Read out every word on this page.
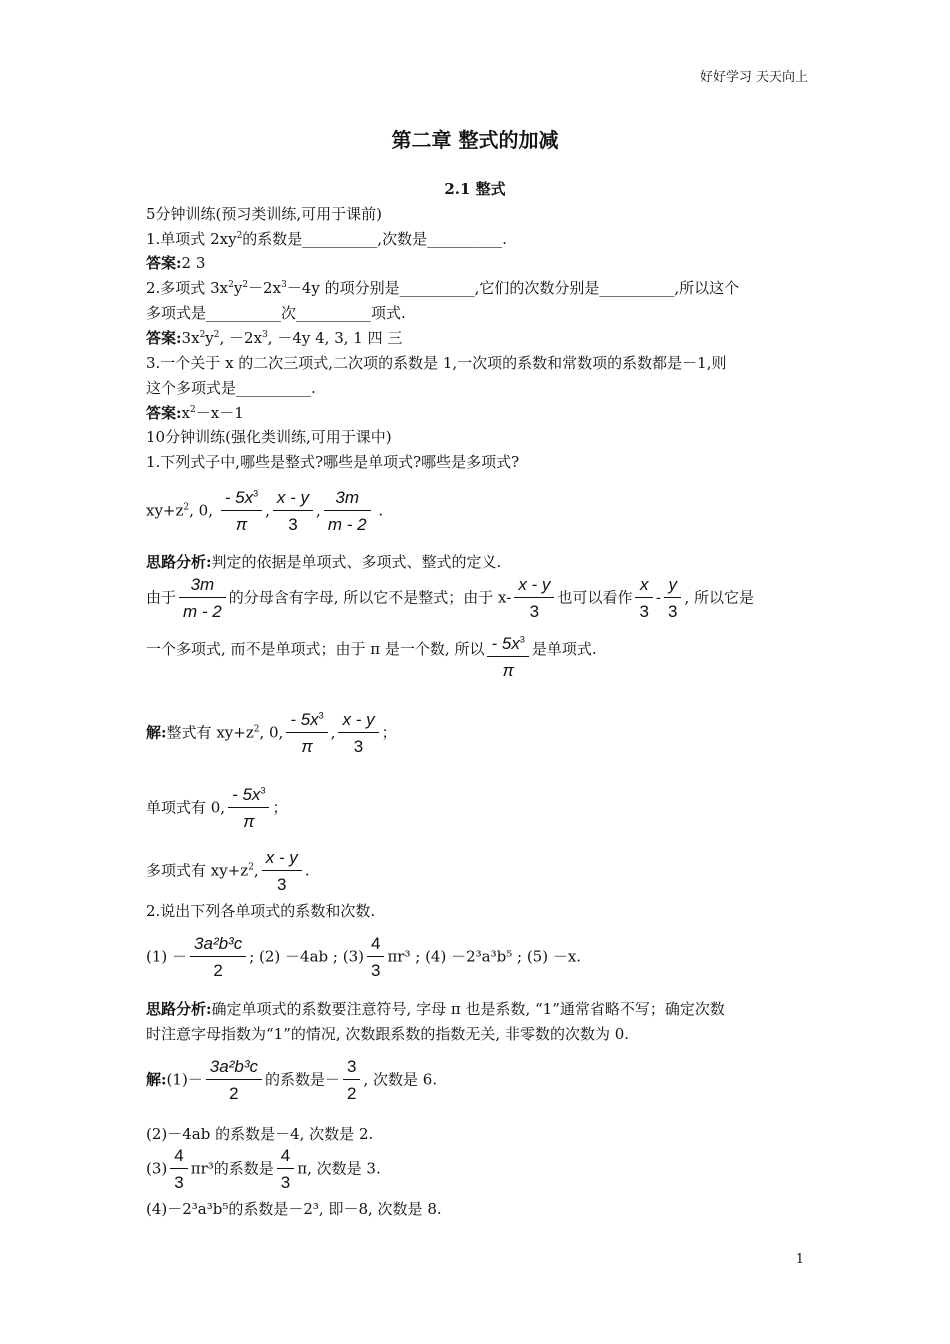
好好学习 天天向上
第二章 整式的加减
2.1 整式
5分钟训练(预习类训练,可用于课前)
1.单项式 $2xy^2$的系数是__________,次数是__________.
答案:2 3
2.多项式 $3x^2y^2-2x^3-4y$ 的项分别是__________,它们的次数分别是__________,所以这个
多项式是__________次__________项式.
答案$:3x^2y^2$, $-2x^3$, －4y 4, 3, 1 四 三
3.一个关于 x 的二次三项式,二次项的系数是 1,一次项的系数和常数项的系数都是－1,则
这个多项式是__________.
答案$:x^2-x-1$
10分钟训练(强化类训练,可用于课中)
1.下列式子中,哪些是整式?哪些是单项式?哪些是多项式?
$xy+z^2$, 0, $\frac{- 5x^3}{\pi}$ , $\frac{x - y}{3}$ , $\frac{3m}{m - 2}$ .
思路分析:判定的依据是单项式、多项式、整式的定义.
由于 $\frac{3m}{m - 2}$ 的分母含有字母, 所以它不是整式；由于 $x- \frac{x - y}{3}$ 也可以看作 $\frac{x}{3} - \frac{y}{3}$ , 所以它是
一个多项式, 而不是单项式；由于 π 是一个数, 所以 $\frac{- 5x^3}{\pi}$ 是单项式.
解:整式有 $xy+z^2$, 0, $\frac{- 5x^3}{\pi}$ , $\frac{x - y}{3}$ ；
单项式有 0, $\frac{- 5x^3}{\pi}$ ；
多项式有 $xy+z^2$, $\frac{x - y}{3}$ .
2.说出下列各单项式的系数和次数.
$(1) - \frac{\text{3a²b³c}}{2}$ ; (2) －4ab ; $(3) \frac{4}{3} \pi r^3$ ; (4) －2³a³b⁵ ; (5) －x.
思路分析:确定单项式的系数要注意符号, 字母 π 也是系数, “1”通常省略不写；确定次数
时注意字母指数为“1”的情况, 次数跟系数的指数无关, 非零数的次数为 0.
解:(1)－ $\frac{\text{3a²b³c}}{2}$ 的系数是－ $\frac{3}{2}$ , 次数是 6.
(2)－4ab 的系数是－4, 次数是 2.
$(3) \frac{4}{3} \pi r^3$的系数是 $\frac{4}{3} \pi$, 次数是 3.
(4)－2³a³b⁵的系数是－2³, 即－8, 次数是 8.
1
